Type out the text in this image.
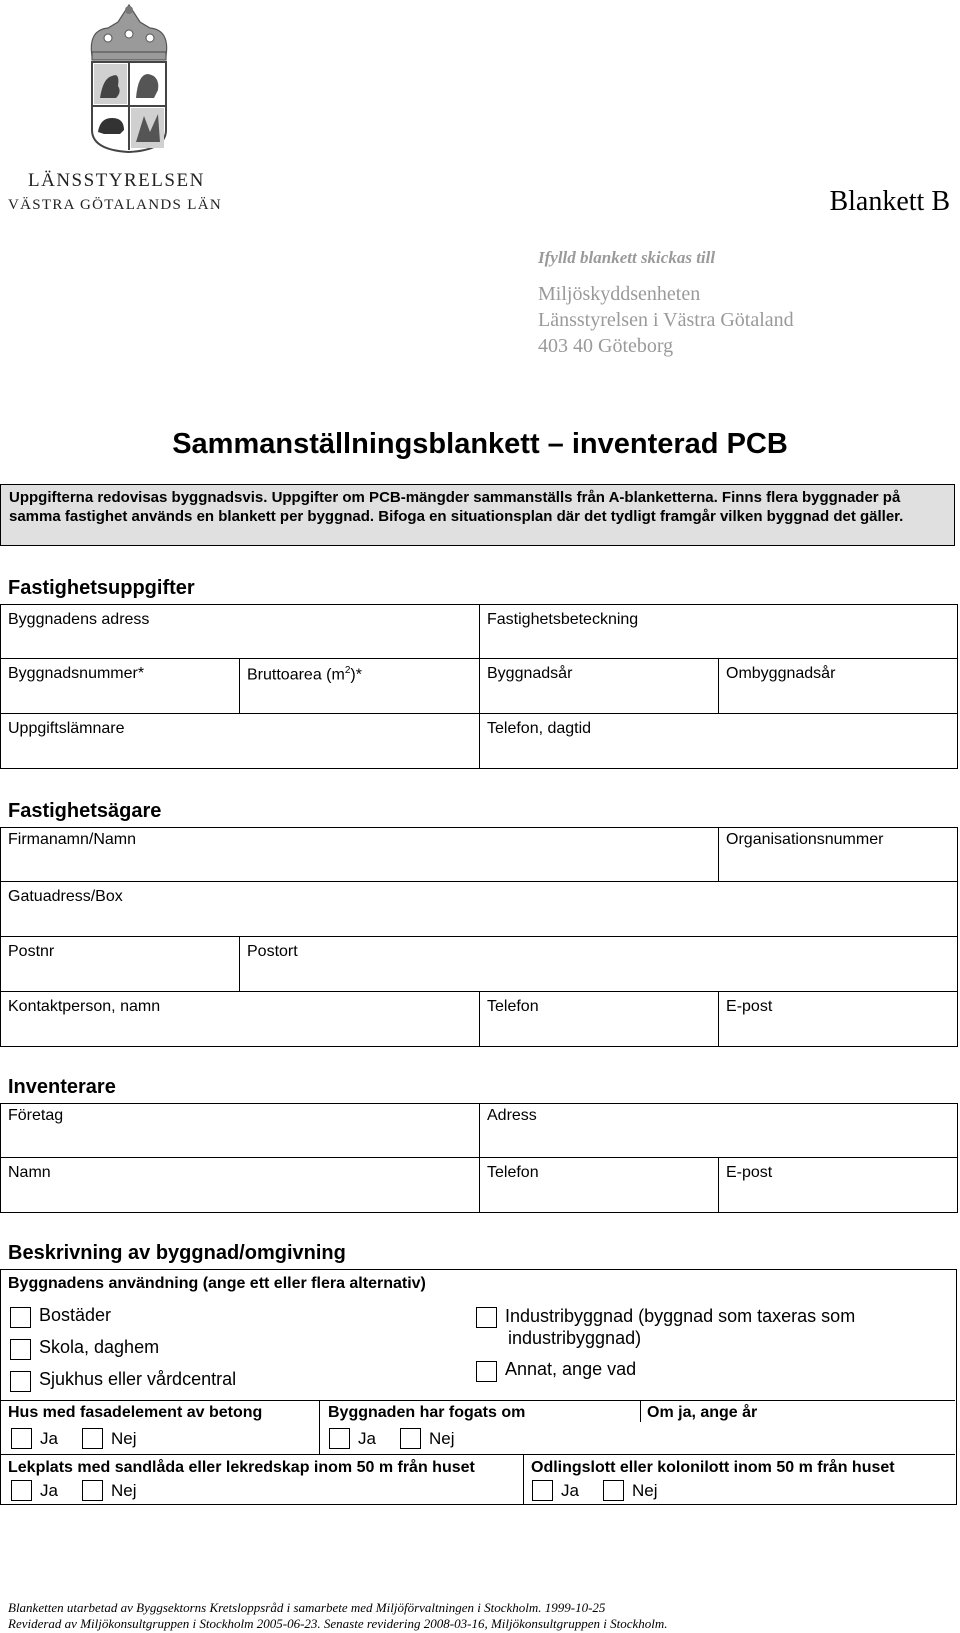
LÄNSSTYRELSEN
VÄSTRA GÖTALANDS LÄN	Blankett B
Ifylld blankett skickas till
Miljöskyddsenheten
Länsstyrelsen i Västra Götaland
403 40 Göteborg
Sammanställningsblankett – inventerad PCB
Uppgifterna redovisas byggnadsvis. Uppgifter om PCB-mängder sammanställs från A-blanketterna. Finns flera byggnader på samma fastighet används en blankett per byggnad. Bifoga en situationsplan där det tydligt framgår vilken byggnad det gäller.
Fastighetsuppgifter
Byggnadens adress		Fastighetsbeteckning	
Byggnadsnummer*	Bruttoarea $(m^2)*$	Byggnadsår	Ombyggnadsår
Uppgiftslämnare		Telefon, dagtid	
Fastighetsägare
Firmanamn/Namn			Organisationsnummer
Gatuadress/Box			
Postnr	Postort		
Kontaktperson, namn		Telefon	E-post
Inventerare
Företag	Adress	
Namn	Telefon	E-post
Beskrivning av byggnad/omgivning
Byggnadens användning (ange ett eller flera alternativ)
Bostäder
Skola, daghem
Sjukhus eller vårdcentral
Industribyggnad (byggnad som taxeras som
industribyggnad)
Annat, ange vad
Hus med fasadelement av betong	Byggnaden har fogats om	Om ja, ange år
Ja	Nej	Ja	Nej
Lekplats med sandlåda eller lekredskap inom 50 m från huset	Odlingslott eller kolonilott inom 50 m från huset
Ja	Nej	Ja	Nej
Blanketten utarbetad av Byggsektorns Kretsloppsråd i samarbete med Miljöförvaltningen i Stockholm. 1999-10-25
Reviderad av Miljökonsultgruppen i Stockholm 2005-06-23. Senaste revidering 2008-03-16, Miljökonsultgruppen i Stockholm.
